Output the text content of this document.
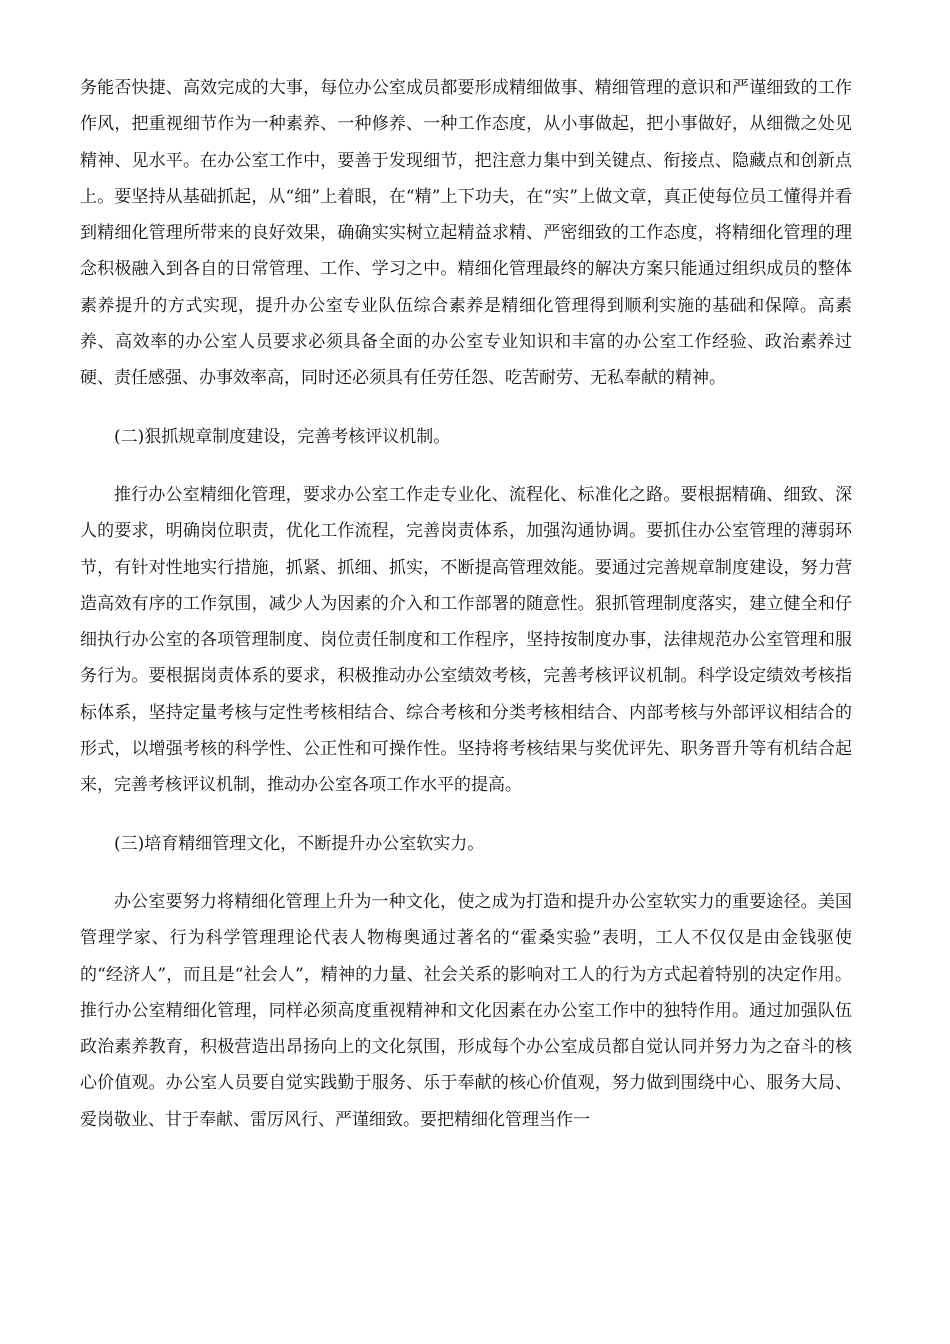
务能否快捷、高效完成的大事，每位办公室成员都要形成精细做事、精细管理的意识和严谨细致的工作作风，把重视细节作为一种素养、一种修养、一种工作态度，从小事做起，把小事做好，从细微之处见精神、见水平。在办公室工作中，要善于发现细节，把注意力集中到关键点、衔接点、隐藏点和创新点上。要坚持从基础抓起，从“细”上着眼，在“精”上下功夫，在“实”上做文章，真正使每位员工懂得并看到精细化管理所带来的良好效果，确确实实树立起精益求精、严密细致的工作态度，将精细化管理的理念积极融入到各自的日常管理、工作、学习之中。精细化管理最终的解决方案只能通过组织成员的整体素养提升的方式实现，提升办公室专业队伍综合素养是精细化管理得到顺利实施的基础和保障。高素养、高效率的办公室人员要求必须具备全面的办公室专业知识和丰富的办公室工作经验、政治素养过硬、责任感强、办事效率高，同时还必须具有任劳任怨、吃苦耐劳、无私奉献的精神。

(二)狠抓规章制度建设，完善考核评议机制。

推行办公室精细化管理，要求办公室工作走专业化、流程化、标准化之路。要根据精确、细致、深人的要求，明确岗位职责，优化工作流程，完善岗责体系，加强沟通协调。要抓住办公室管理的薄弱环节，有针对性地实行措施，抓紧、抓细、抓实，不断提高管理效能。要通过完善规章制度建设，努力营造高效有序的工作氛围，减少人为因素的介入和工作部署的随意性。狠抓管理制度落实，建立健全和仔细执行办公室的各项管理制度、岗位责任制度和工作程序，坚持按制度办事，法律规范办公室管理和服务行为。要根据岗责体系的要求，积极推动办公室绩效考核，完善考核评议机制。科学设定绩效考核指标体系，坚持定量考核与定性考核相结合、综合考核和分类考核相结合、内部考核与外部评议相结合的形式，以增强考核的科学性、公正性和可操作性。坚持将考核结果与奖优评先、职务晋升等有机结合起来，完善考核评议机制，推动办公室各项工作水平的提高。

(三)培育精细管理文化，不断提升办公室软实力。

办公室要努力将精细化管理上升为一种文化，使之成为打造和提升办公室软实力的重要途径。美国管理学家、行为科学管理理论代表人物梅奥通过著名的“霍桑实验”表明，工人不仅仅是由金钱驱使的“经济人”，而且是“社会人”，精神的力量、社会关系的影响对工人的行为方式起着特别的决定作用。推行办公室精细化管理，同样必须高度重视精神和文化因素在办公室工作中的独特作用。通过加强队伍政治素养教育，积极营造出昂扬向上的文化氛围，形成每个办公室成员都自觉认同并努力为之奋斗的核心价值观。办公室人员要自觉实践勤于服务、乐于奉献的核心价值观，努力做到围绕中心、服务大局、爱岗敬业、甘于奉献、雷厉风行、严谨细致。要把精细化管理当作一
